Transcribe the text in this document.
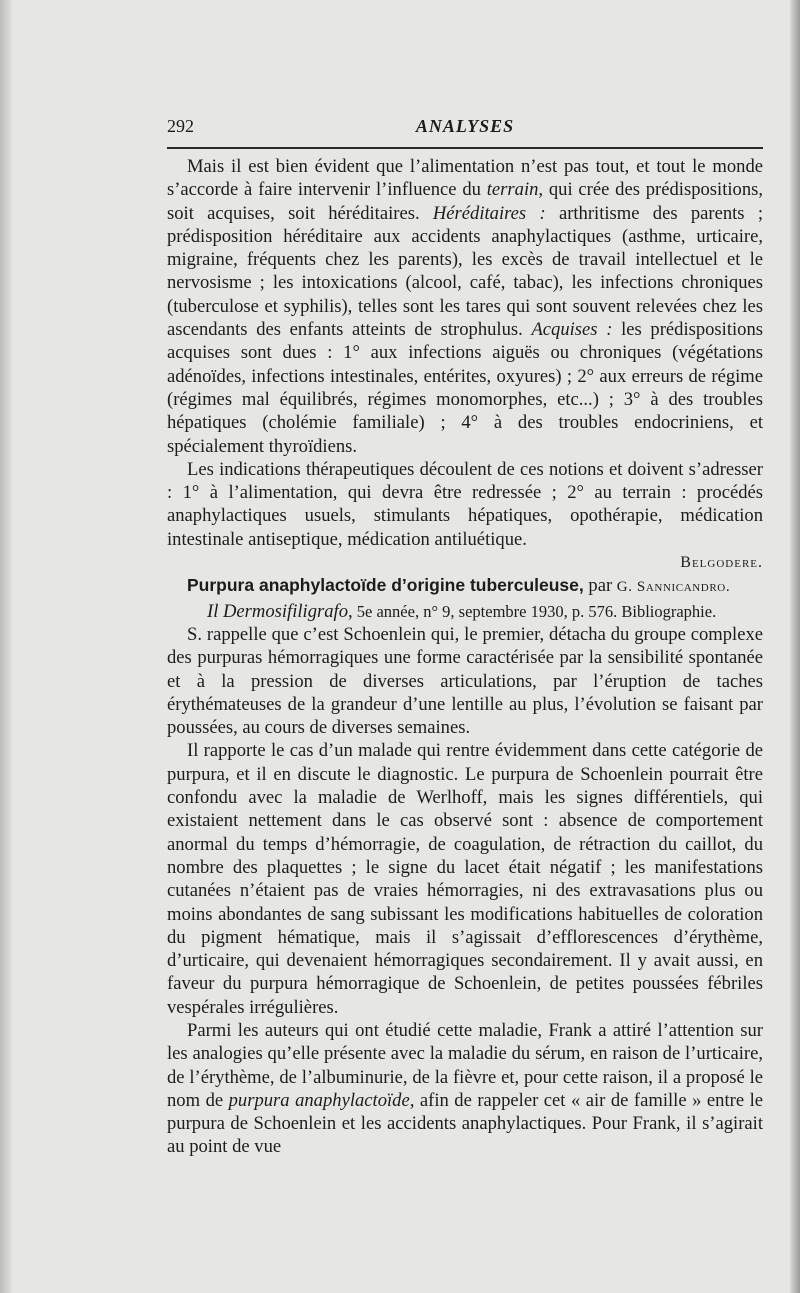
292	ANALYSES

Mais il est bien évident que l’alimentation n’est pas tout, et tout le monde s’accorde à faire intervenir l’influence du terrain, qui crée des prédispositions, soit acquises, soit héréditaires. Héréditaires : arthritisme des parents ; prédisposition héréditaire aux accidents anaphylactiques (asthme, urticaire, migraine, fréquents chez les parents), les excès de travail intellectuel et le nervosisme ; les intoxications (alcool, café, tabac), les infections chroniques (tuberculose et syphilis), telles sont les tares qui sont souvent relevées chez les ascendants des enfants atteints de strophulus. Acquises : les prédispositions acquises sont dues : 1° aux infections aiguës ou chroniques (végétations adénoïdes, infections intestinales, entérites, oxyures) ; 2° aux erreurs de régime (régimes mal équilibrés, régimes monomorphes, etc...) ; 3° à des troubles hépatiques (cholémie familiale) ; 4° à des troubles endocriniens, et spécialement thyroïdiens.

Les indications thérapeutiques découlent de ces notions et doivent s’adresser : 1° à l’alimentation, qui devra être redressée ; 2° au terrain : procédés anaphylactiques usuels, stimulants hépatiques, opothérapie, médication intestinale antiseptique, médication antiluétique.

Belgodere.

Purpura anaphylactoïde d’origine tuberculeuse, par G. Sannicandro.
Il Dermosifiligrafo, 5e année, n° 9, septembre 1930, p. 576. Bibliographie.

S. rappelle que c’est Schoenlein qui, le premier, détacha du groupe complexe des purpuras hémorragiques une forme caractérisée par la sensibilité spontanée et à la pression de diverses articulations, par l’éruption de taches érythémateuses de la grandeur d’une lentille au plus, l’évolution se faisant par poussées, au cours de diverses semaines.

Il rapporte le cas d’un malade qui rentre évidemment dans cette catégorie de purpura, et il en discute le diagnostic. Le purpura de Schoenlein pourrait être confondu avec la maladie de Werlhoff, mais les signes différentiels, qui existaient nettement dans le cas observé sont : absence de comportement anormal du temps d’hémorragie, de coagulation, de rétraction du caillot, du nombre des plaquettes ; le signe du lacet était négatif ; les manifestations cutanées n’étaient pas de vraies hémorragies, ni des extravasations plus ou moins abondantes de sang subissant les modifications habituelles de coloration du pigment hématique, mais il s’agissait d’efflorescences d’érythème, d’urticaire, qui devenaient hémorragiques secondairement. Il y avait aussi, en faveur du purpura hémorragique de Schoenlein, de petites poussées fébriles vespérales irrégulières.

Parmi les auteurs qui ont étudié cette maladie, Frank a attiré l’attention sur les analogies qu’elle présente avec la maladie du sérum, en raison de l’urticaire, de l’érythème, de l’albuminurie, de la fièvre et, pour cette raison, il a proposé le nom de purpura anaphylactoïde, afin de rappeler cet « air de famille » entre le purpura de Schoenlein et les accidents anaphylactiques. Pour Frank, il s’agirait au point de vue
